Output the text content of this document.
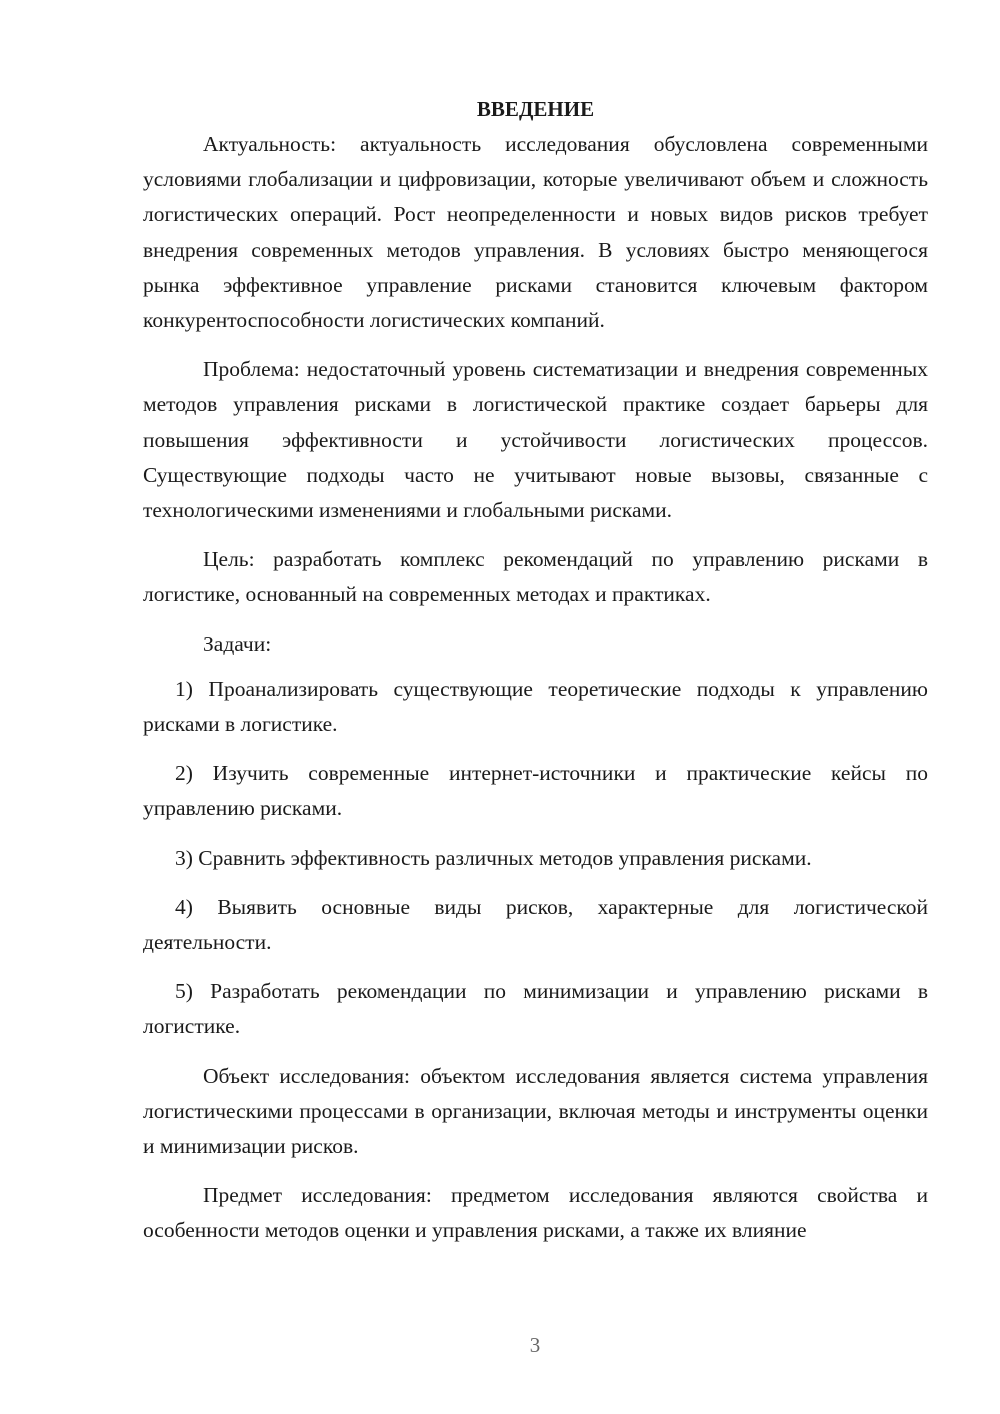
ВВЕДЕНИЕ

Актуальность: актуальность исследования обусловлена современными условиями глобализации и цифровизации, которые увеличивают объем и сложность логистических операций. Рост неопределенности и новых видов рисков требует внедрения современных методов управления. В условиях быстро меняющегося рынка эффективное управление рисками становится ключевым фактором конкурентоспособности логистических компаний.

Проблема: недостаточный уровень систематизации и внедрения современных методов управления рисками в логистической практике создает барьеры для повышения эффективности и устойчивости логистических процессов. Существующие подходы часто не учитывают новые вызовы, связанные с технологическими изменениями и глобальными рисками.

Цель: разработать комплекс рекомендаций по управлению рисками в логистике, основанный на современных методах и практиках.

Задачи:

1) Проанализировать существующие теоретические подходы к управлению рисками в логистике.

2) Изучить современные интернет-источники и практические кейсы по управлению рисками.

3) Сравнить эффективность различных методов управления рисками.

4) Выявить основные виды рисков, характерные для логистической деятельности.

5) Разработать рекомендации по минимизации и управлению рисками в логистике.

Объект исследования: объектом исследования является система управления логистическими процессами в организации, включая методы и инструменты оценки и минимизации рисков.

Предмет исследования: предметом исследования являются свойства и особенности методов оценки и управления рисками, а также их влияние

3
